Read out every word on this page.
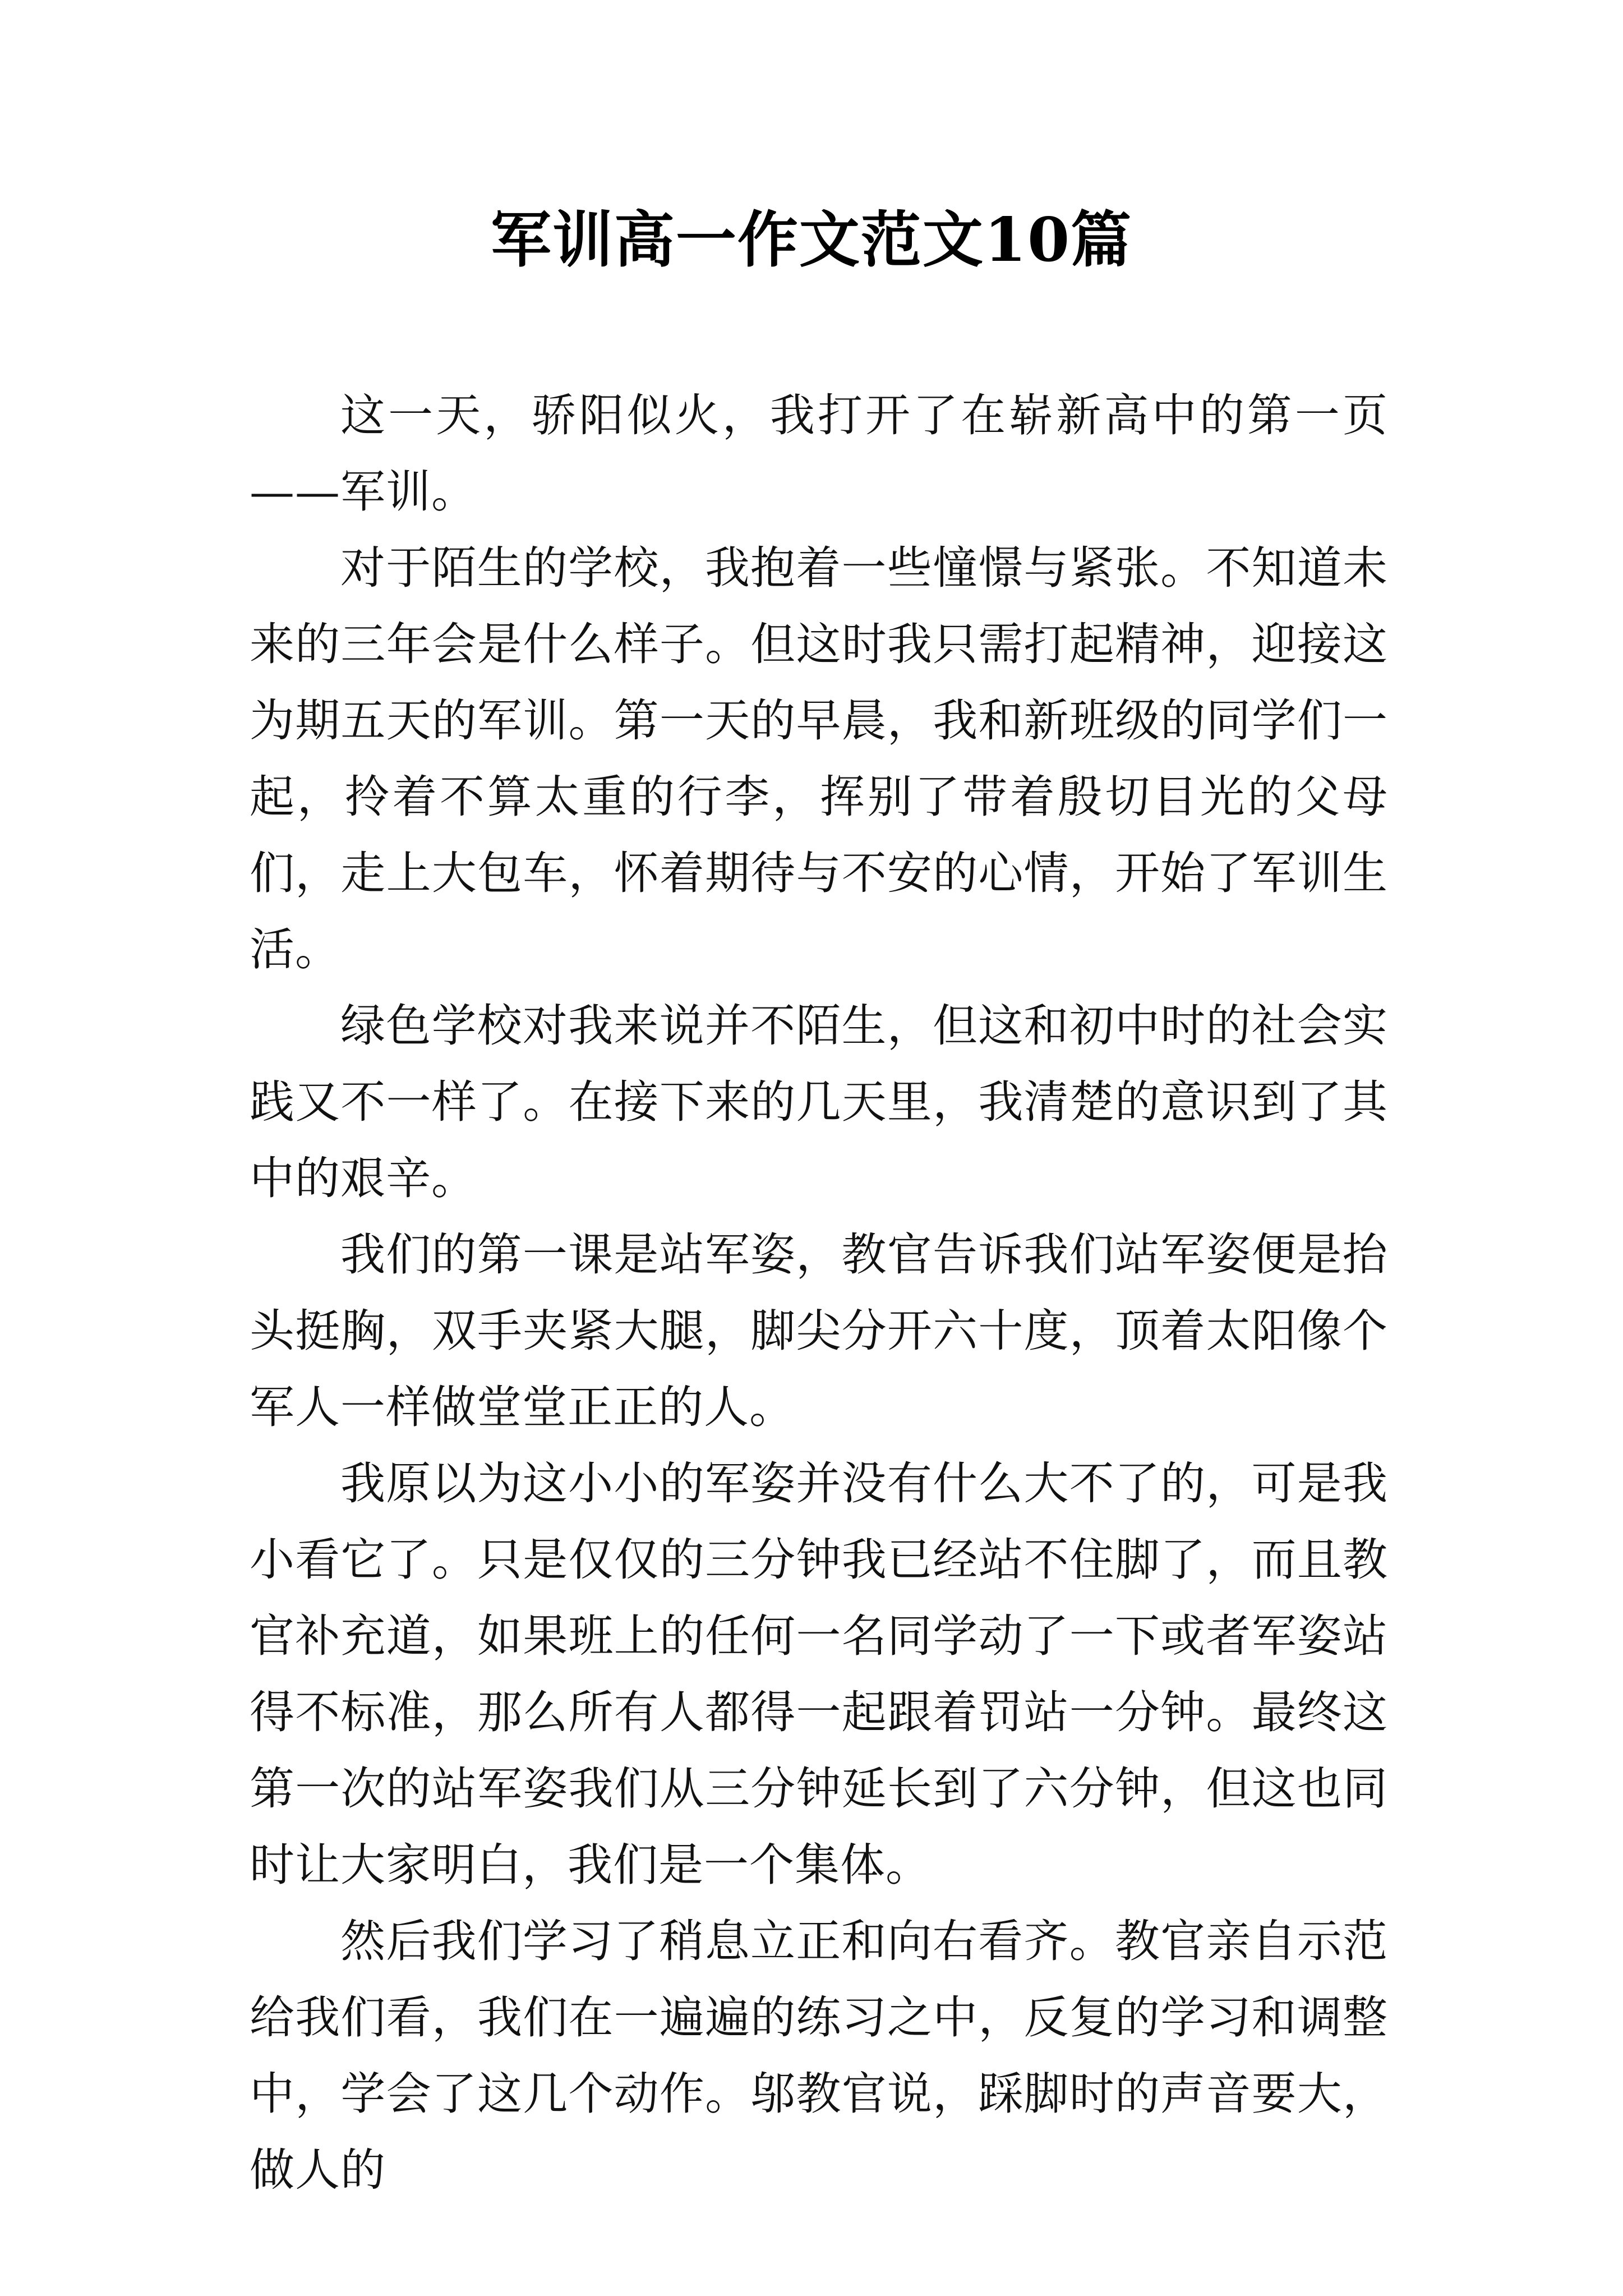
军训高一作文范文10篇

这一天，骄阳似火，我打开了在崭新高中的第一页——军训。

对于陌生的学校，我抱着一些憧憬与紧张。不知道未来的三年会是什么样子。但这时我只需打起精神，迎接这为期五天的军训。第一天的早晨，我和新班级的同学们一起，拎着不算太重的行李，挥别了带着殷切目光的父母们，走上大包车，怀着期待与不安的心情，开始了军训生活。

绿色学校对我来说并不陌生，但这和初中时的社会实践又不一样了。在接下来的几天里，我清楚的意识到了其中的艰辛。

我们的第一课是站军姿，教官告诉我们站军姿便是抬头挺胸，双手夹紧大腿，脚尖分开六十度，顶着太阳像个军人一样做堂堂正正的人。

我原以为这小小的军姿并没有什么大不了的，可是我小看它了。只是仅仅的三分钟我已经站不住脚了，而且教官补充道，如果班上的任何一名同学动了一下或者军姿站得不标准，那么所有人都得一起跟着罚站一分钟。最终这第一次的站军姿我们从三分钟延长到了六分钟，但这也同时让大家明白，我们是一个集体。

然后我们学习了稍息立正和向右看齐。教官亲自示范给我们看，我们在一遍遍的练习之中，反复的学习和调整中，学会了这几个动作。邬教官说，踩脚时的声音要大，做人的
